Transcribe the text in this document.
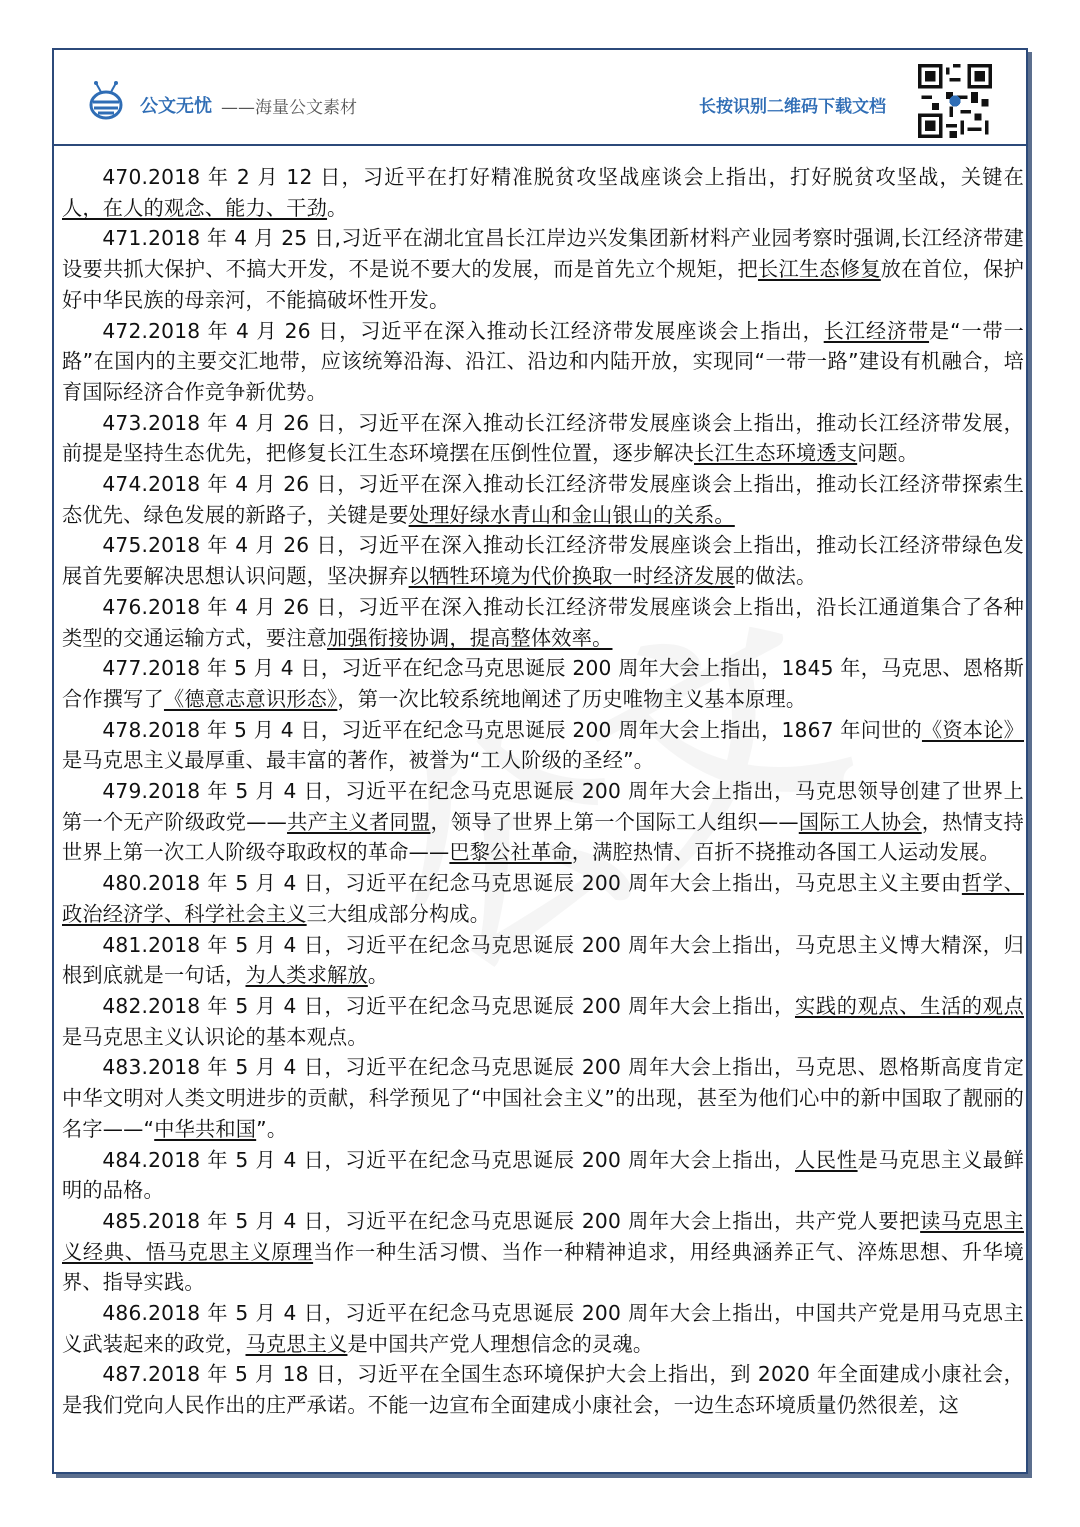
公文无忧 ——海量公文素材	长按识别二维码下载文档

470.2018 年 2 月 12 日，习近平在打好精准脱贫攻坚战座谈会上指出，打好脱贫攻坚战，关键在人，在人的观念、能力、干劲。

471.2018 年 4 月 25 日,习近平在湖北宜昌长江岸边兴发集团新材料产业园考察时强调,长江经济带建设要共抓大保护、不搞大开发，不是说不要大的发展，而是首先立个规矩，把长江生态修复放在首位，保护好中华民族的母亲河，不能搞破坏性开发。

472.2018 年 4 月 26 日，习近平在深入推动长江经济带发展座谈会上指出，长江经济带是“一带一路”在国内的主要交汇地带，应该统筹沿海、沿江、沿边和内陆开放，实现同“一带一路”建设有机融合，培育国际经济合作竞争新优势。

473.2018 年 4 月 26 日，习近平在深入推动长江经济带发展座谈会上指出，推动长江经济带发展，前提是坚持生态优先，把修复长江生态环境摆在压倒性位置，逐步解决长江生态环境透支问题。

474.2018 年 4 月 26 日，习近平在深入推动长江经济带发展座谈会上指出，推动长江经济带探索生态优先、绿色发展的新路子，关键是要处理好绿水青山和金山银山的关系。

475.2018 年 4 月 26 日，习近平在深入推动长江经济带发展座谈会上指出，推动长江经济带绿色发展首先要解决思想认识问题，坚决摒弃以牺牲环境为代价换取一时经济发展的做法。

476.2018 年 4 月 26 日，习近平在深入推动长江经济带发展座谈会上指出，沿长江通道集合了各种类型的交通运输方式，要注意加强衔接协调，提高整体效率。

477.2018 年 5 月 4 日，习近平在纪念马克思诞辰 200 周年大会上指出，1845 年，马克思、恩格斯合作撰写了《德意志意识形态》，第一次比较系统地阐述了历史唯物主义基本原理。

478.2018 年 5 月 4 日，习近平在纪念马克思诞辰 200 周年大会上指出，1867 年问世的《资本论》是马克思主义最厚重、最丰富的著作，被誉为“工人阶级的圣经”。

479.2018 年 5 月 4 日，习近平在纪念马克思诞辰 200 周年大会上指出，马克思领导创建了世界上第一个无产阶级政党——共产主义者同盟，领导了世界上第一个国际工人组织——国际工人协会，热情支持世界上第一次工人阶级夺取政权的革命——巴黎公社革命，满腔热情、百折不挠推动各国工人运动发展。

480.2018 年 5 月 4 日，习近平在纪念马克思诞辰 200 周年大会上指出，马克思主义主要由哲学、政治经济学、科学社会主义三大组成部分构成。

481.2018 年 5 月 4 日，习近平在纪念马克思诞辰 200 周年大会上指出，马克思主义博大精深，归根到底就是一句话，为人类求解放。

482.2018 年 5 月 4 日，习近平在纪念马克思诞辰 200 周年大会上指出，实践的观点、生活的观点是马克思主义认识论的基本观点。

483.2018 年 5 月 4 日，习近平在纪念马克思诞辰 200 周年大会上指出，马克思、恩格斯高度肯定中华文明对人类文明进步的贡献，科学预见了“中国社会主义”的出现，甚至为他们心中的新中国取了靓丽的名字——“中华共和国”。

484.2018 年 5 月 4 日，习近平在纪念马克思诞辰 200 周年大会上指出，人民性是马克思主义最鲜明的品格。

485.2018 年 5 月 4 日，习近平在纪念马克思诞辰 200 周年大会上指出，共产党人要把读马克思主义经典、悟马克思主义原理当作一种生活习惯、当作一种精神追求，用经典涵养正气、淬炼思想、升华境界、指导实践。

486.2018 年 5 月 4 日，习近平在纪念马克思诞辰 200 周年大会上指出，中国共产党是用马克思主义武装起来的政党，马克思主义是中国共产党人理想信念的灵魂。

487.2018 年 5 月 18 日，习近平在全国生态环境保护大会上指出，到 2020 年全面建成小康社会，是我们党向人民作出的庄严承诺。不能一边宣布全面建成小康社会，一边生态环境质量仍然很差，这
